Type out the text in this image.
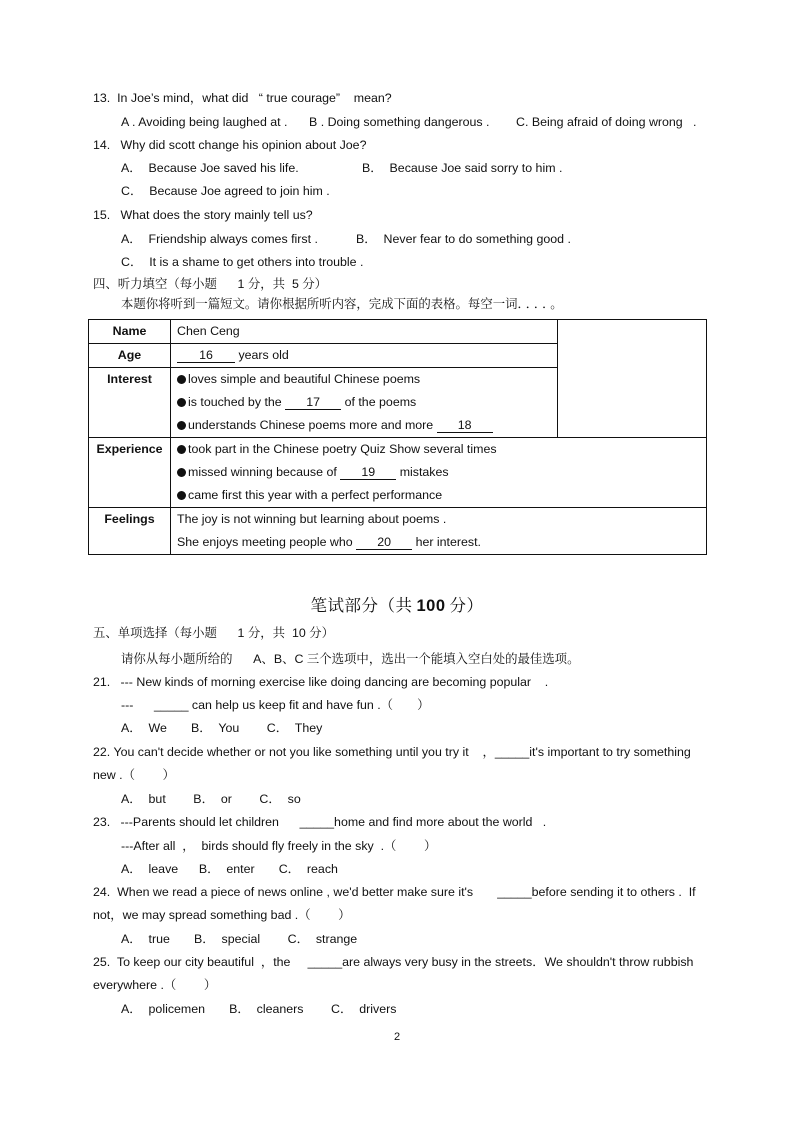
13.  In Joe’s mind，what did   “ true courage”    mean?
A . Avoiding being laughed at . B . Doing something dangerous . C. Being afraid of doing wrong   .
14.   Why did scott change his opinion about Joe?
A．  Because Joe saved his life.	B．  Because Joe said sorry to him .
C．  Because Joe agreed to join him .
15.   What does the story mainly tell us?
A．  Friendship always comes first .	B．  Never fear to do something good .
C．  It is a shame to get others into trouble .
四、听力填空（每小题      1 分，共  5 分）
本题你将听到一篇短文。请你根据所听内容，完成下面的表格。每空一词．．．．。
Name	Chen Ceng	

Age	16 years old	

Interest	loves simple and beautiful Chinese poems
is touched by the 17 of the poems
understands Chinese poems more and more 18	

Experience	took part in the Chinese poetry Quiz Show several times
missed winning because of 19 mistakes
came first this year with a perfect performance	

Feelings	The joy is not winning but learning about poems .
She enjoys meeting people who 20 her interest.	
笔试部分（共 100 分）
五、单项选择（每小题      1 分，共  10 分）
请你从每小题所给的      A、B、C 三个选项中，选出一个能填入空白处的最佳选项。
21.   --- New kinds of morning exercise like doing dancing are becoming popular    .
---      _____ can help us keep fit and have fun .（       ）
A．  We       B．  You        C．  They
22. You can't decide whether or not you like something until you try it    ，_____it's important to try something
new .（        ）
A．  but        B．  or        C．  so
23.   ---Parents should let children      _____home and find more about the world   .
---After all  ，  birds should fly freely in the sky  .（        ）
A．  leave      B．  enter       C．  reach
24.  When we read a piece of news online , we'd better make sure it's       _____before sending it to others .  If
not，we may spread something bad .（        ）
A．  true       B．  special        C．  strange
25.  To keep our city beautiful  ，the     _____are always very busy in the streets．We shouldn't throw rubbish
everywhere .（        ）
A．  policemen       B．  cleaners        C．  drivers
2
